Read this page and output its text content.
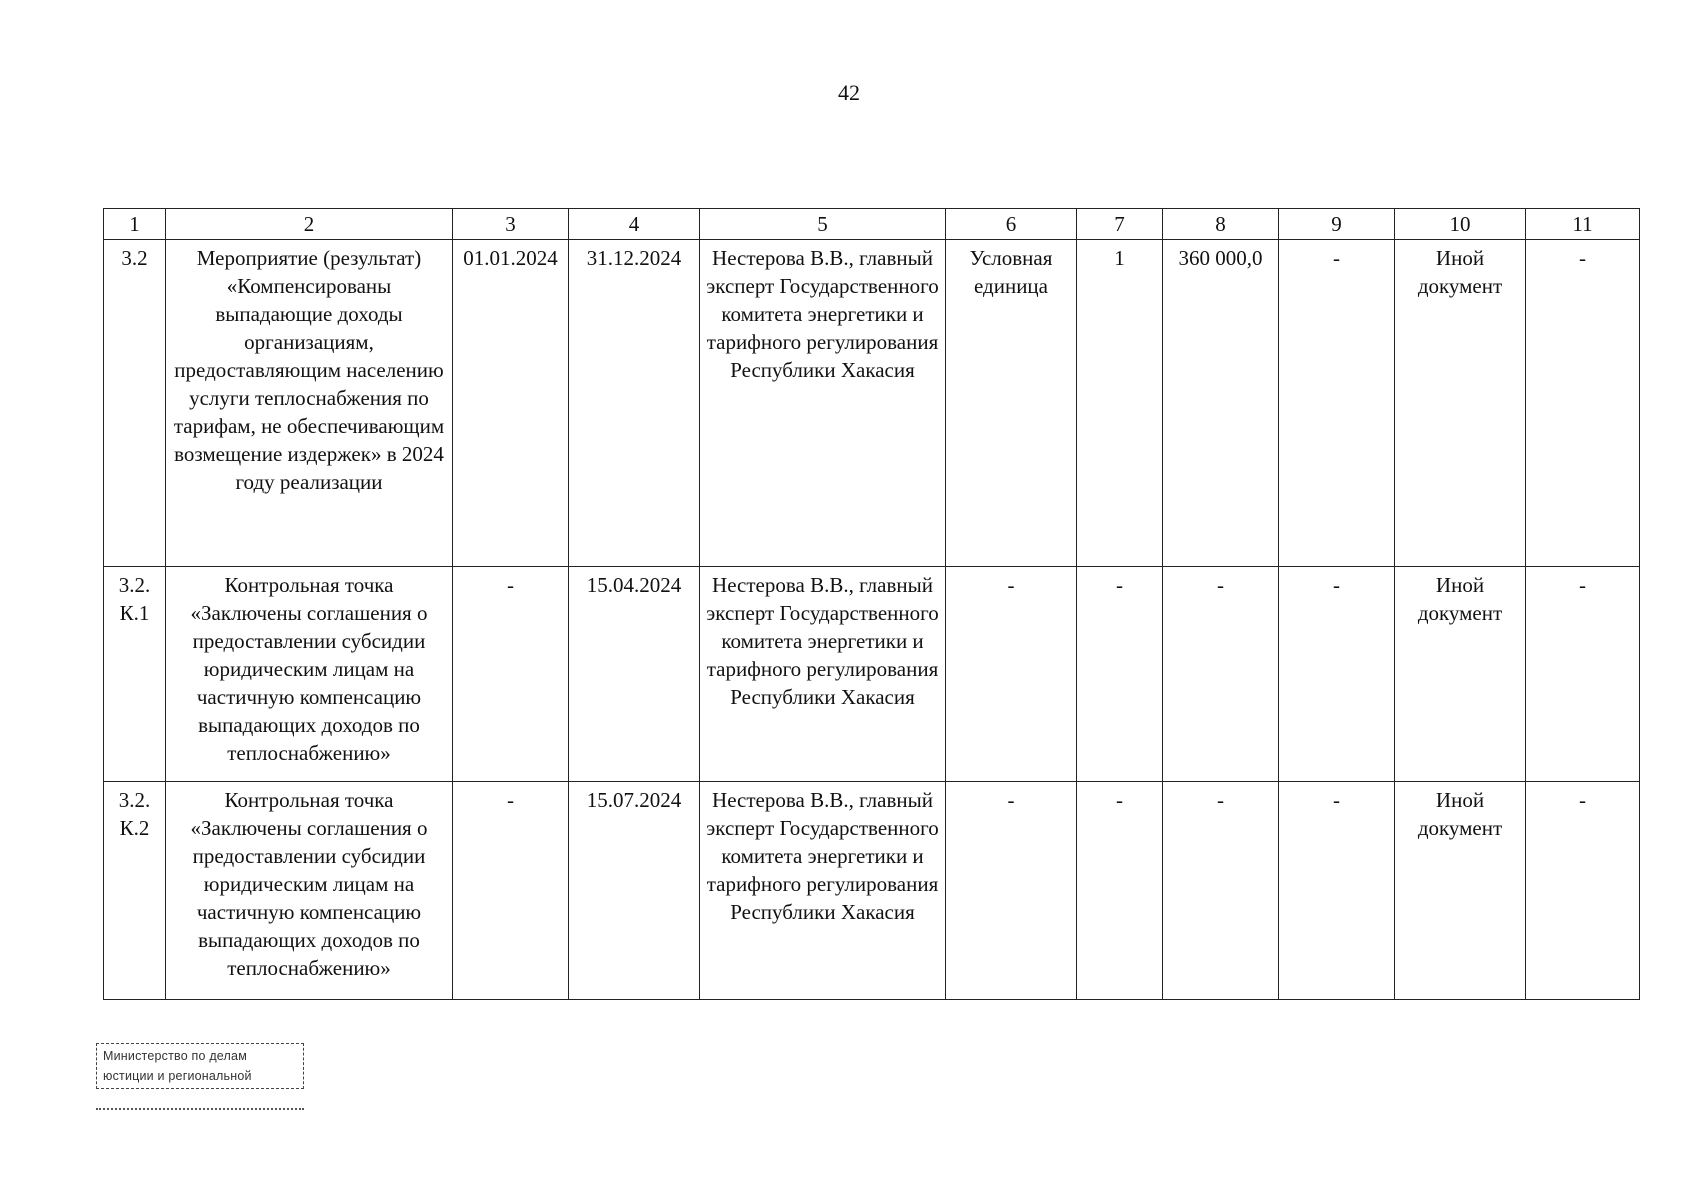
42
1	2	3	4	5	6	7	8	9	10	11
3.2	Мероприятие (результат) «Компенсированы выпадающие доходы организациям, предоставляющим населению услуги теплоснабжения по тарифам, не обеспечивающим возмещение издержек» в 2024 году реализации	01.01.2024	31.12.2024	Нестерова В.В., главный эксперт Государственного комитета энергетики и тарифного регулирования Республики Хакасия	Условная единица	1	360 000,0	-	Иной документ	-
3.2. К.1	Контрольная точка «Заключены соглашения о предоставлении субсидии юридическим лицам на частичную компенсацию выпадающих доходов по теплоснабжению»	-	15.04.2024	Нестерова В.В., главный эксперт Государственного комитета энергетики и тарифного регулирования Республики Хакасия	-	-	-	-	Иной документ	-
3.2. К.2	Контрольная точка «Заключены соглашения о предоставлении субсидии юридическим лицам на частичную компенсацию выпадающих доходов по теплоснабжению»	-	15.07.2024	Нестерова В.В., главный эксперт Государственного комитета энергетики и тарифного регулирования Республики Хакасия	-	-	-	-	Иной документ	-
Министерство по делам
юстиции и региональной
